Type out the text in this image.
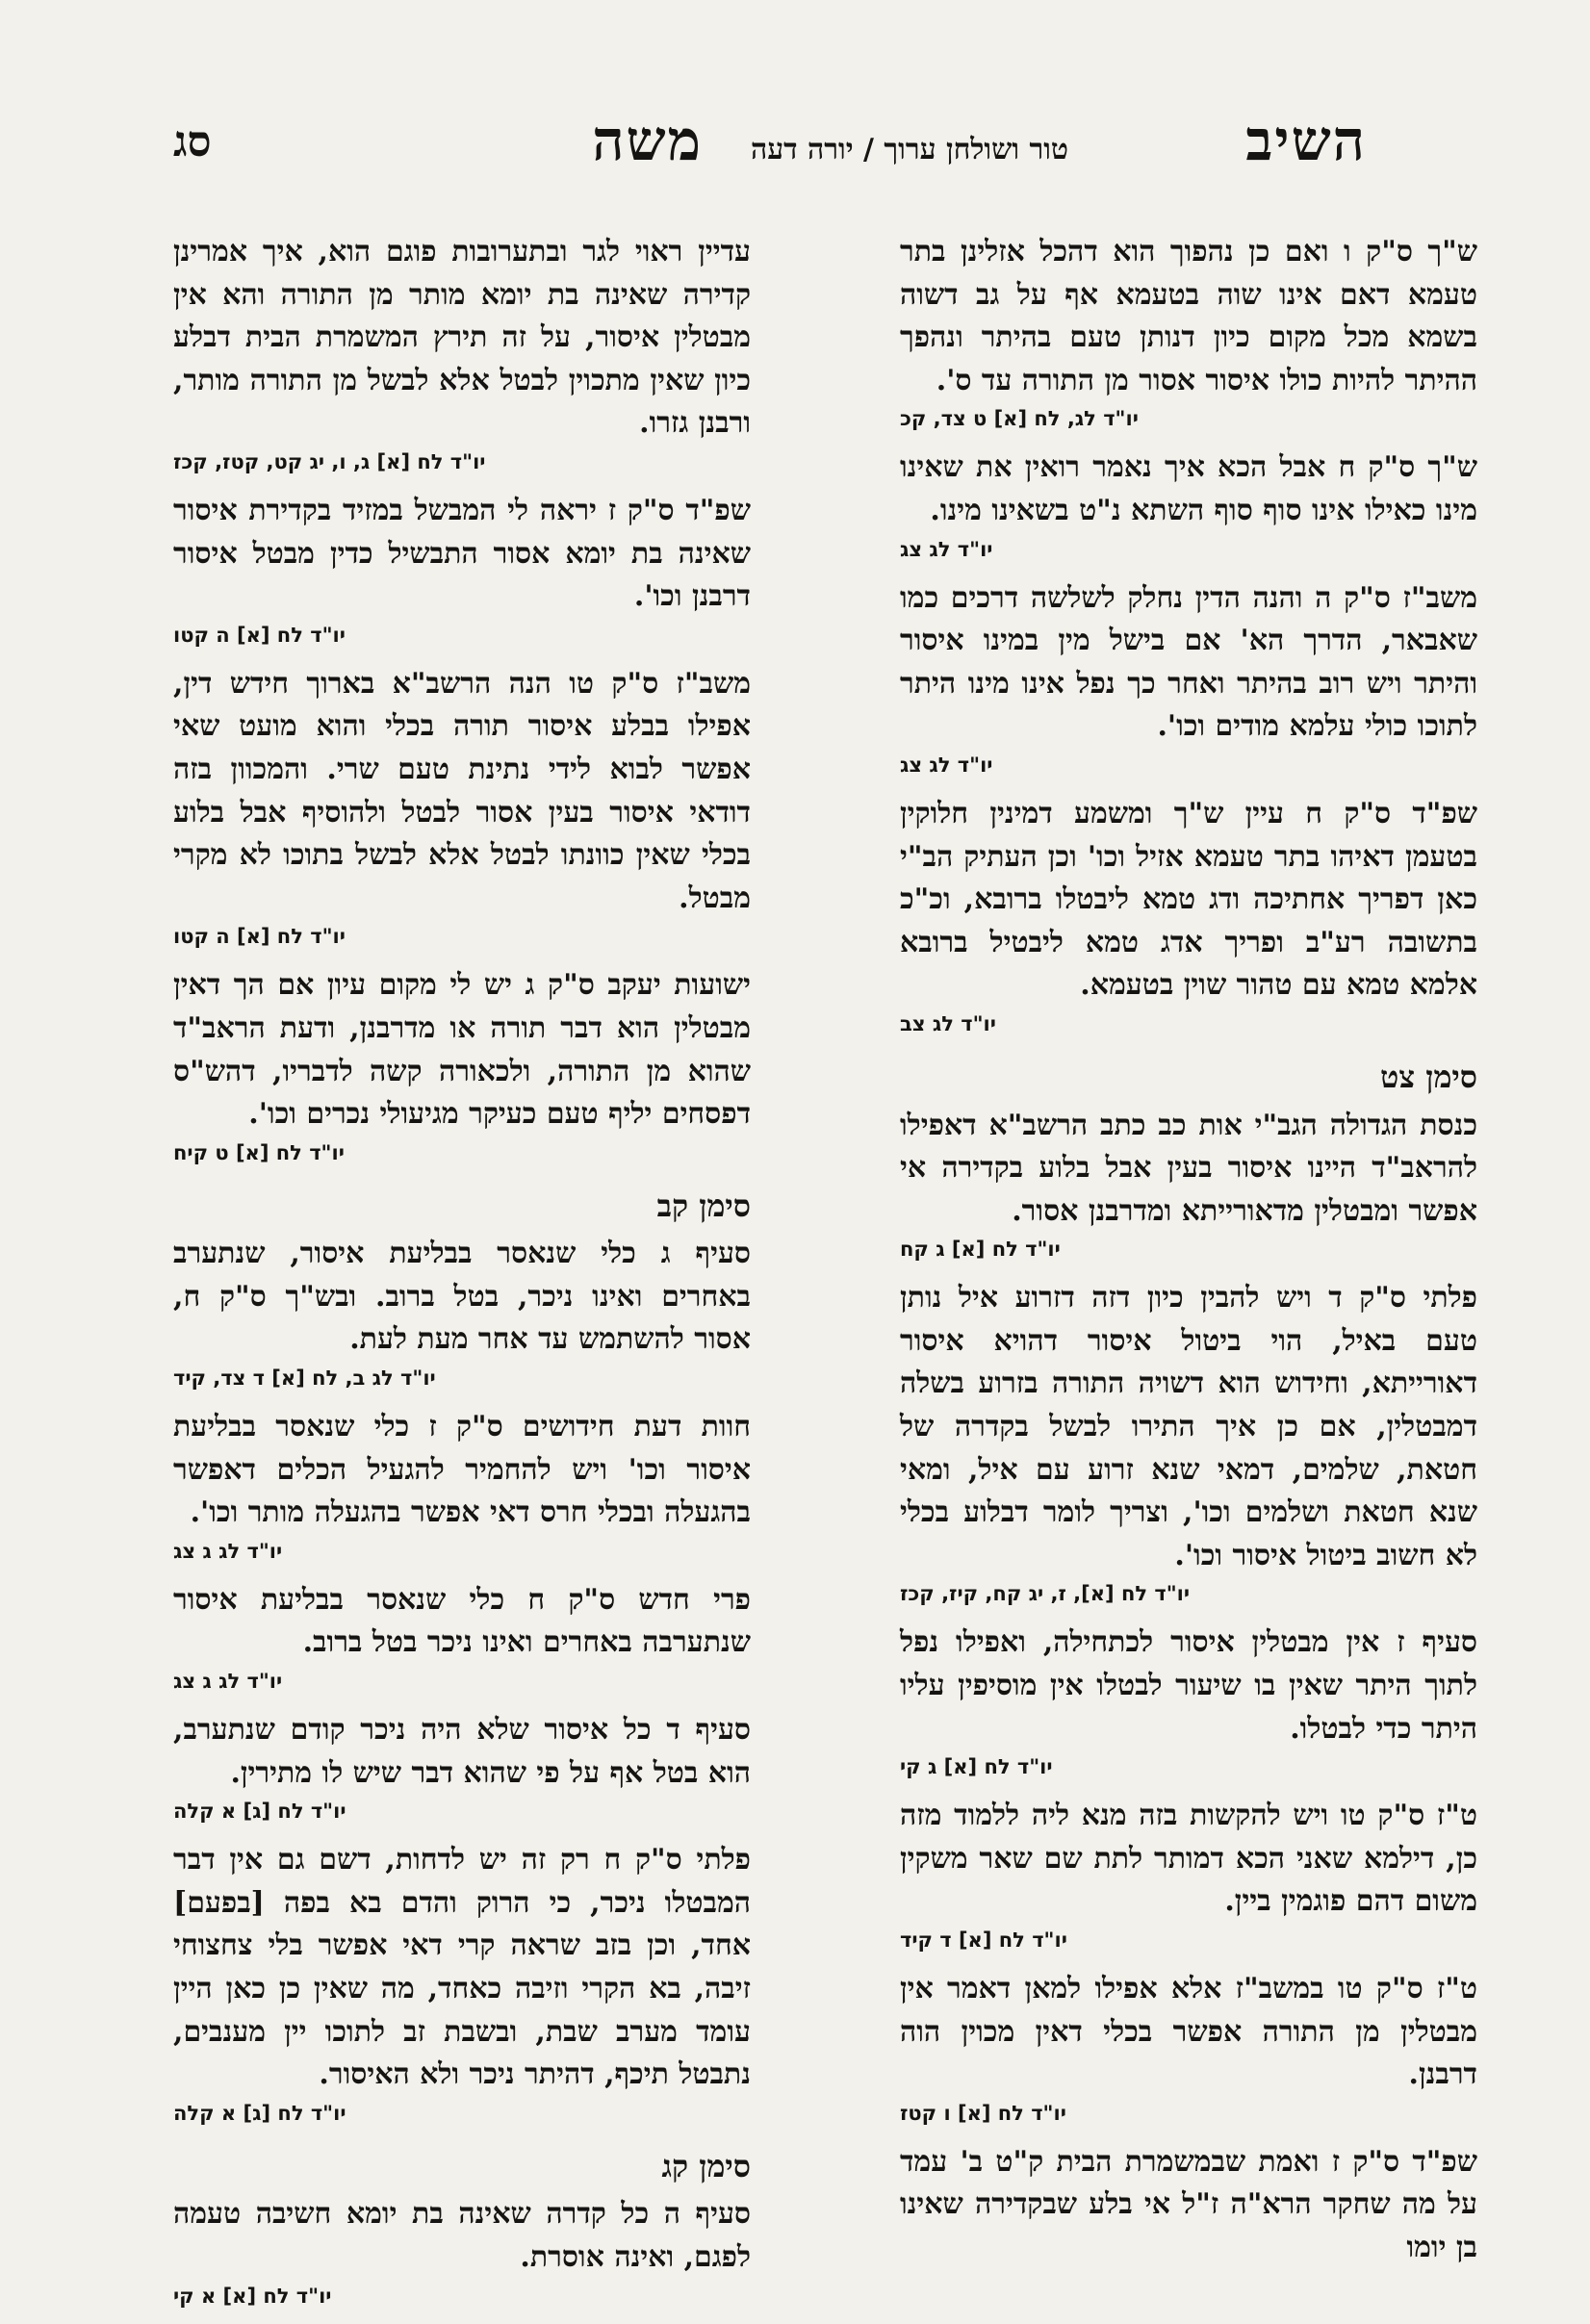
השיב
טור ושולחן ערוך / יורה דעה
משה
סג
ש"ך ס"ק ו ואם כן נהפוך הוא דהכל אזלינן בתר טעמא דאם אינו שוה בטעמא אף על גב דשוה בשמא מכל מקום כיון דנותן טעם בהיתר ונהפך ההיתר להיות כולו איסור אסור מן התורה עד ס'.
יו"ד לג, לח [א] ט צד, קכ
ש"ך ס"ק ח אבל הכא איך נאמר רואין את שאינו מינו כאילו אינו סוף סוף השתא נ"ט בשאינו מינו.
יו"ד לג צג
משב"ז ס"ק ה והנה הדין נחלק לשלשה דרכים כמו שאבאר, הדרך הא' אם בישל מין במינו איסור והיתר ויש רוב בהיתר ואחר כך נפל אינו מינו היתר לתוכו כולי עלמא מודים וכו'.
יו"ד לג צג
שפ"ד ס"ק ח עיין ש"ך ומשמע דמינין חלוקין בטעמן דאיהו בתר טעמא אזיל וכו' וכן העתיק הב"י כאן דפריך אחתיכה ודג טמא ליבטלו ברובא, וכ"כ בתשובה רע"ב ופריך אדג טמא ליבטיל ברובא אלמא טמא עם טהור שוין בטעמא.
יו"ד לג צב
סימן צט
כנסת הגדולה הגב"י אות כב כתב הרשב"א דאפילו להראב"ד היינו איסור בעין אבל בלוע בקדירה אי אפשר ומבטלין מדאורייתא ומדרבנן אסור.
יו"ד לח [א] ג קח
פלתי ס"ק ד ויש להבין כיון דזה דזרוע איל נותן טעם באיל, הוי ביטול איסור דהויא איסור דאורייתא, וחידוש הוא דשויה התורה בזרוע בשלה דמבטלין, אם כן איך התירו לבשל בקדרה של חטאת, שלמים, דמאי שנא זרוע עם איל, ומאי שנא חטאת ושלמים וכו', וצריך לומר דבלוע בכלי לא חשוב ביטול איסור וכו'.
יו"ד לח [א], ז, יג קח, קיז, קכז
סעיף ז אין מבטלין איסור לכתחילה, ואפילו נפל לתוך היתר שאין בו שיעור לבטלו אין מוסיפין עליו היתר כדי לבטלו.
יו"ד לח [א] ג קי
ט"ז ס"ק טו ויש להקשות בזה מנא ליה ללמוד מזה כן, דילמא שאני הכא דמותר לתת שם שאר משקין משום דהם פוגמין ביין.
יו"ד לח [א] ד קיד
ט"ז ס"ק טו במשב"ז אלא אפילו למאן דאמר אין מבטלין מן התורה אפשר בכלי דאין מכוין הוה דרבנן.
יו"ד לח [א] ו קטז
שפ"ד ס"ק ז ואמת שבמשמרת הבית ק"ט ב' עמד על מה שחקר הרא"ה ז"ל אי בלע שבקדירה שאינו בן יומו
עדיין ראוי לגר ובתערובות פוגם הוא, איך אמרינן קדירה שאינה בת יומא מותר מן התורה והא אין מבטלין איסור, על זה תירץ המשמרת הבית דבלע כיון שאין מתכוין לבטל אלא לבשל מן התורה מותר, ורבנן גזרו.
יו"ד לח [א] ג, ו, יג קט, קטז, קכז
שפ"ד ס"ק ז יראה לי המבשל במזיד בקדירת איסור שאינה בת יומא אסור התבשיל כדין מבטל איסור דרבנן וכו'.
יו"ד לח [א] ה קטו
משב"ז ס"ק טו הנה הרשב"א בארוך חידש דין, אפילו בבלע איסור תורה בכלי והוא מועט שאי אפשר לבוא לידי נתינת טעם שרי. והמכוון בזה דודאי איסור בעין אסור לבטל ולהוסיף אבל בלוע בכלי שאין כוונתו לבטל אלא לבשל בתוכו לא מקרי מבטל.
יו"ד לח [א] ה קטו
ישועות יעקב ס"ק ג יש לי מקום עיון אם הך דאין מבטלין הוא דבר תורה או מדרבנן, ודעת הראב"ד שהוא מן התורה, ולכאורה קשה לדבריו, דהש"ס דפסחים יליף טעם כעיקר מגיעולי נכרים וכו'.
יו"ד לח [א] ט קיח
סימן קב
סעיף ג כלי שנאסר בבליעת איסור, שנתערב באחרים ואינו ניכר, בטל ברוב. ובש"ך ס"ק ח, אסור להשתמש עד אחר מעת לעת.
יו"ד לג ב, לח [א] ד צד, קיד
חוות דעת חידושים ס"ק ז כלי שנאסר בבליעת איסור וכו' ויש להחמיר להגעיל הכלים דאפשר בהגעלה ובכלי חרס דאי אפשר בהגעלה מותר וכו'.
יו"ד לג ג צג
פרי חדש ס"ק ח כלי שנאסר בבליעת איסור שנתערבה באחרים ואינו ניכר בטל ברוב.
יו"ד לג ג צג
סעיף ד כל איסור שלא היה ניכר קודם שנתערב, הוא בטל אף על פי שהוא דבר שיש לו מתירין.
יו"ד לח [ג] א קלה
פלתי ס"ק ח רק זה יש לדחות, דשם גם אין דבר המבטלו ניכר, כי הרוק והדם בא בפה [בפעם] אחד, וכן בזב שראה קרי דאי אפשר בלי צחצוחי זיבה, בא הקרי וזיבה כאחד, מה שאין כן כאן היין עומד מערב שבת, ובשבת זב לתוכו יין מענבים, נתבטל תיכף, דהיתר ניכר ולא האיסור.
יו"ד לח [ג] א קלה
סימן קג
סעיף ה כל קדרה שאינה בת יומא חשיבה טעמה לפגם, ואינה אוסרת.
יו"ד לח [א] א קי
